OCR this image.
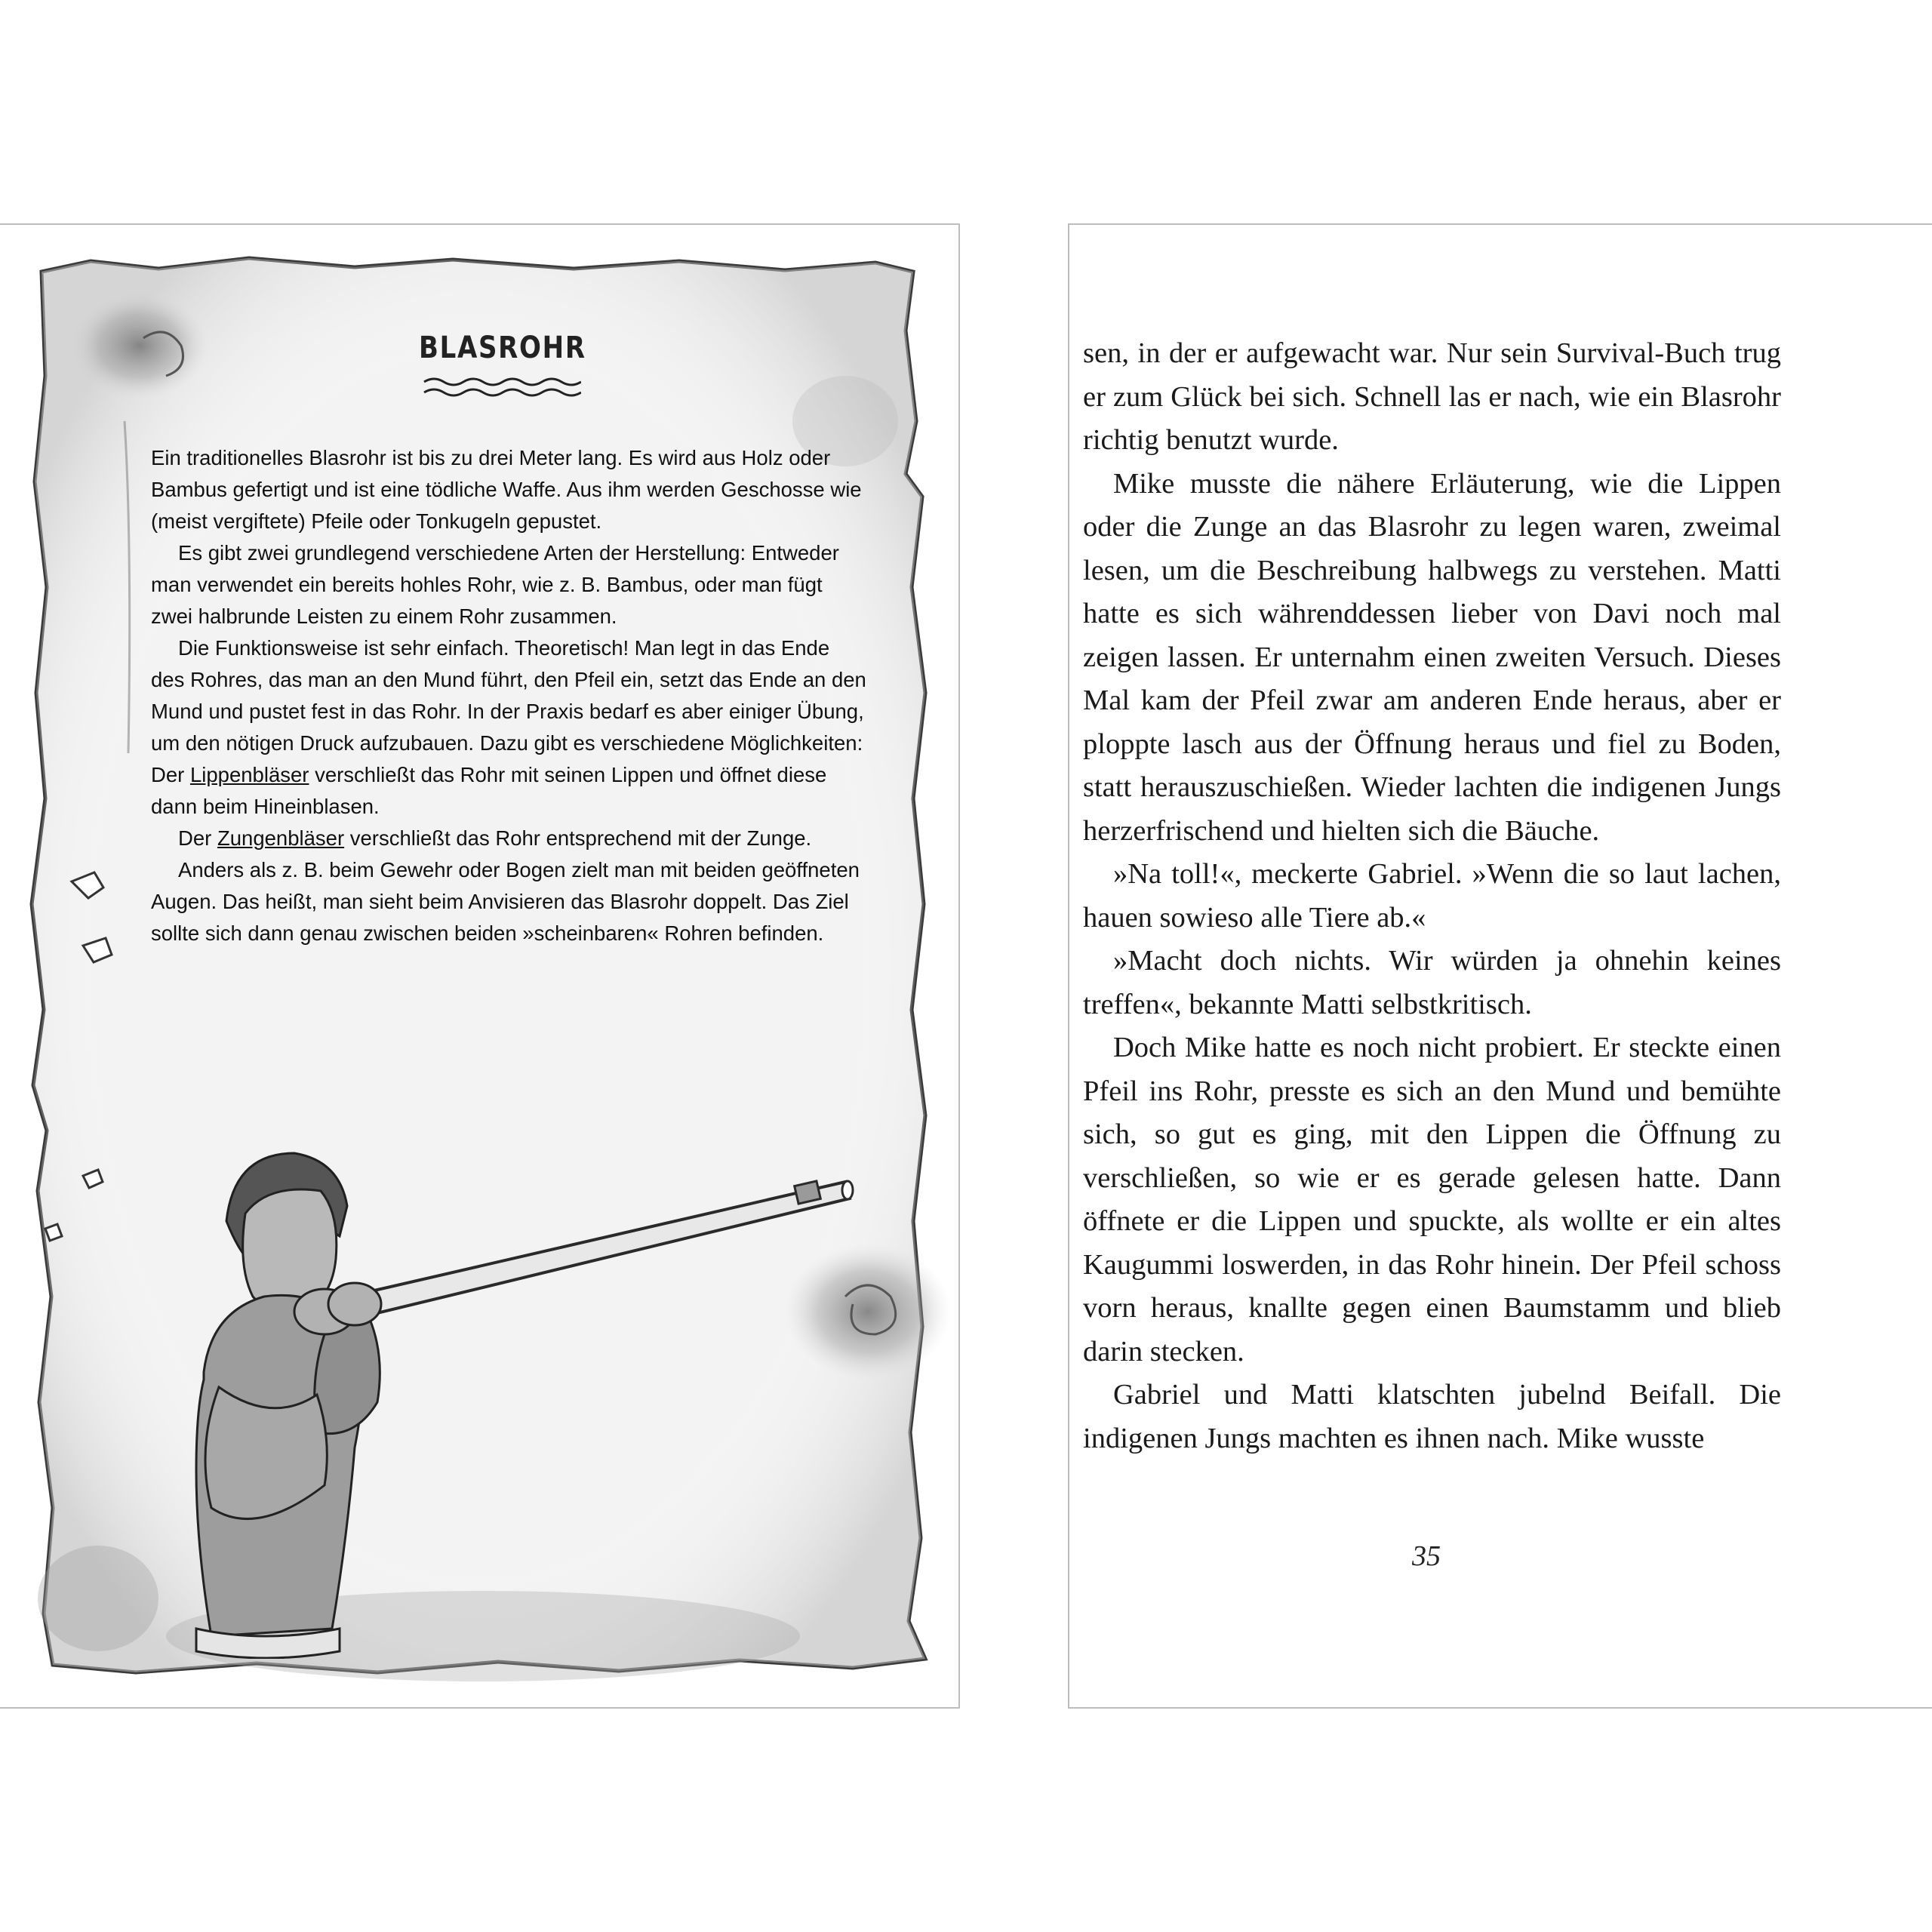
BLASROHR

Ein traditionelles Blasrohr ist bis zu drei Meter lang. Es wird aus Holz oder Bambus gefertigt und ist eine tödliche Waffe. Aus ihm werden Geschosse wie (meist vergiftete) Pfeile oder Tonkugeln gepustet.

Es gibt zwei grundlegend verschiedene Arten der Herstellung: Entweder man verwendet ein bereits hohles Rohr, wie z. B. Bambus, oder man fügt zwei halbrunde Leisten zu einem Rohr zusammen.

Die Funktionsweise ist sehr einfach. Theoretisch! Man legt in das Ende des Rohres, das man an den Mund führt, den Pfeil ein, setzt das Ende an den Mund und pustet fest in das Rohr. In der Praxis bedarf es aber einiger Übung, um den nötigen Druck aufzubauen. Dazu gibt es verschiedene Möglichkeiten: Der Lippenbläser verschließt das Rohr mit seinen Lippen und öffnet diese dann beim Hineinblasen.

Der Zungenbläser verschließt das Rohr entsprechend mit der Zunge.

Anders als z. B. beim Gewehr oder Bogen zielt man mit beiden geöffneten Augen. Das heißt, man sieht beim Anvisieren das Blasrohr doppelt. Das Ziel sollte sich dann genau zwischen beiden »scheinbaren« Rohren befinden.

sen, in der er aufgewacht war. Nur sein Survival-Buch trug er zum Glück bei sich. Schnell las er nach, wie ein Blasrohr richtig benutzt wurde.

Mike musste die nähere Erläuterung, wie die Lippen oder die Zunge an das Blasrohr zu legen waren, zweimal lesen, um die Beschreibung halbwegs zu verstehen. Matti hatte es sich währenddessen lieber von Davi noch mal zeigen lassen. Er unternahm einen zweiten Versuch. Dieses Mal kam der Pfeil zwar am anderen Ende heraus, aber er ploppte lasch aus der Öffnung heraus und fiel zu Boden, statt herauszuschießen. Wieder lachten die indigenen Jungs herzerfrischend und hielten sich die Bäuche.

»Na toll!«, meckerte Gabriel. »Wenn die so laut lachen, hauen sowieso alle Tiere ab.«

»Macht doch nichts. Wir würden ja ohnehin keines treffen«, bekannte Matti selbstkritisch.

Doch Mike hatte es noch nicht probiert. Er steckte einen Pfeil ins Rohr, presste es sich an den Mund und bemühte sich, so gut es ging, mit den Lippen die Öffnung zu verschließen, so wie er es gerade gelesen hatte. Dann öffnete er die Lippen und spuckte, als wollte er ein altes Kaugummi loswerden, in das Rohr hinein. Der Pfeil schoss vorn heraus, knallte gegen einen Baumstamm und blieb darin stecken.

Gabriel und Matti klatschten jubelnd Beifall. Die indigenen Jungs machten es ihnen nach. Mike wusste

35
